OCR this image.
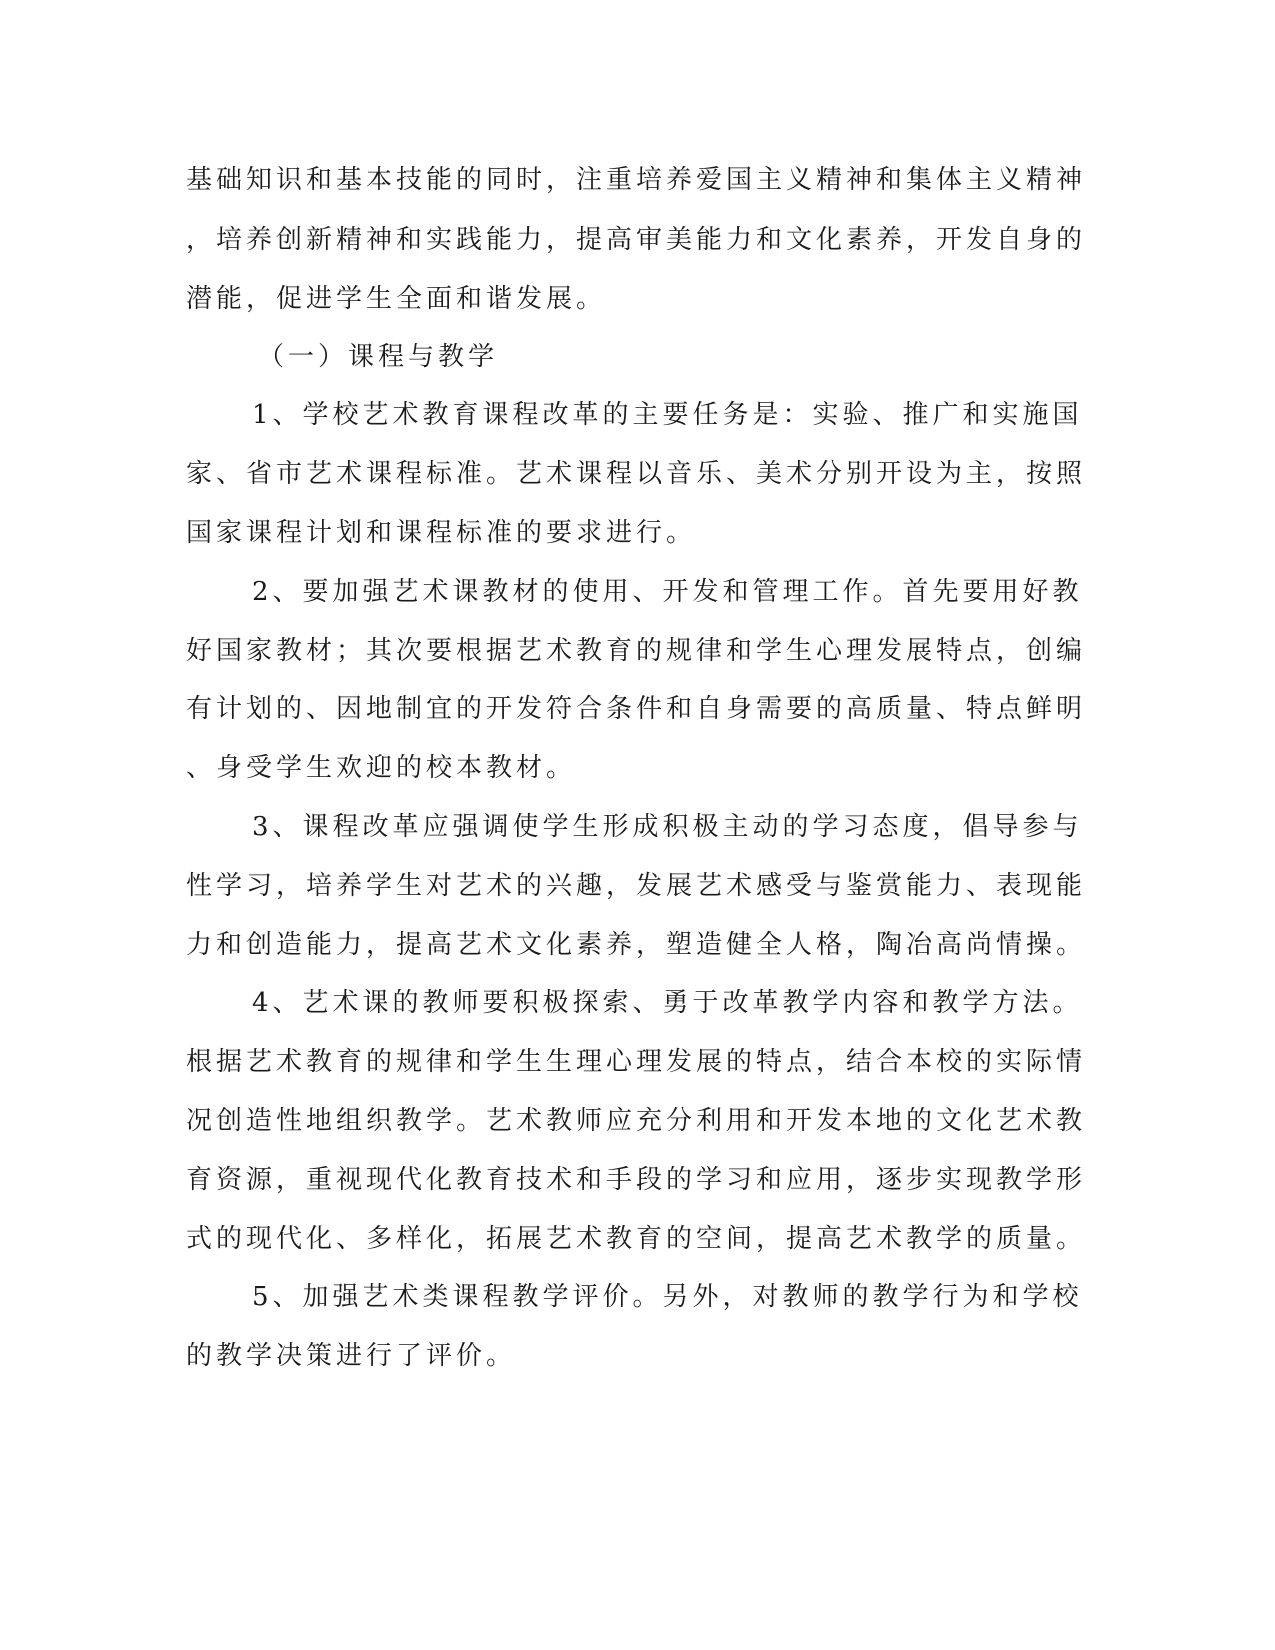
基础知识和基本技能的同时，注重培养爱国主义精神和集体主义精神
，培养创新精神和实践能力，提高审美能力和文化素养，开发自身的
潜能，促进学生全面和谐发展。
（一）课程与教学
1、学校艺术教育课程改革的主要任务是：实验、推广和实施国
家、省市艺术课程标准。艺术课程以音乐、美术分别开设为主，按照
国家课程计划和课程标准的要求进行。
2、要加强艺术课教材的使用、开发和管理工作。首先要用好教
好国家教材；其次要根据艺术教育的规律和学生心理发展特点，创编
有计划的、因地制宜的开发符合条件和自身需要的高质量、特点鲜明
、身受学生欢迎的校本教材。
3、课程改革应强调使学生形成积极主动的学习态度，倡导参与
性学习，培养学生对艺术的兴趣，发展艺术感受与鉴赏能力、表现能
力和创造能力，提高艺术文化素养，塑造健全人格，陶冶高尚情操。
4、艺术课的教师要积极探索、勇于改革教学内容和教学方法。
根据艺术教育的规律和学生生理心理发展的特点，结合本校的实际情
况创造性地组织教学。艺术教师应充分利用和开发本地的文化艺术教
育资源，重视现代化教育技术和手段的学习和应用，逐步实现教学形
式的现代化、多样化，拓展艺术教育的空间，提高艺术教学的质量。
5、加强艺术类课程教学评价。另外，对教师的教学行为和学校
的教学决策进行了评价。
